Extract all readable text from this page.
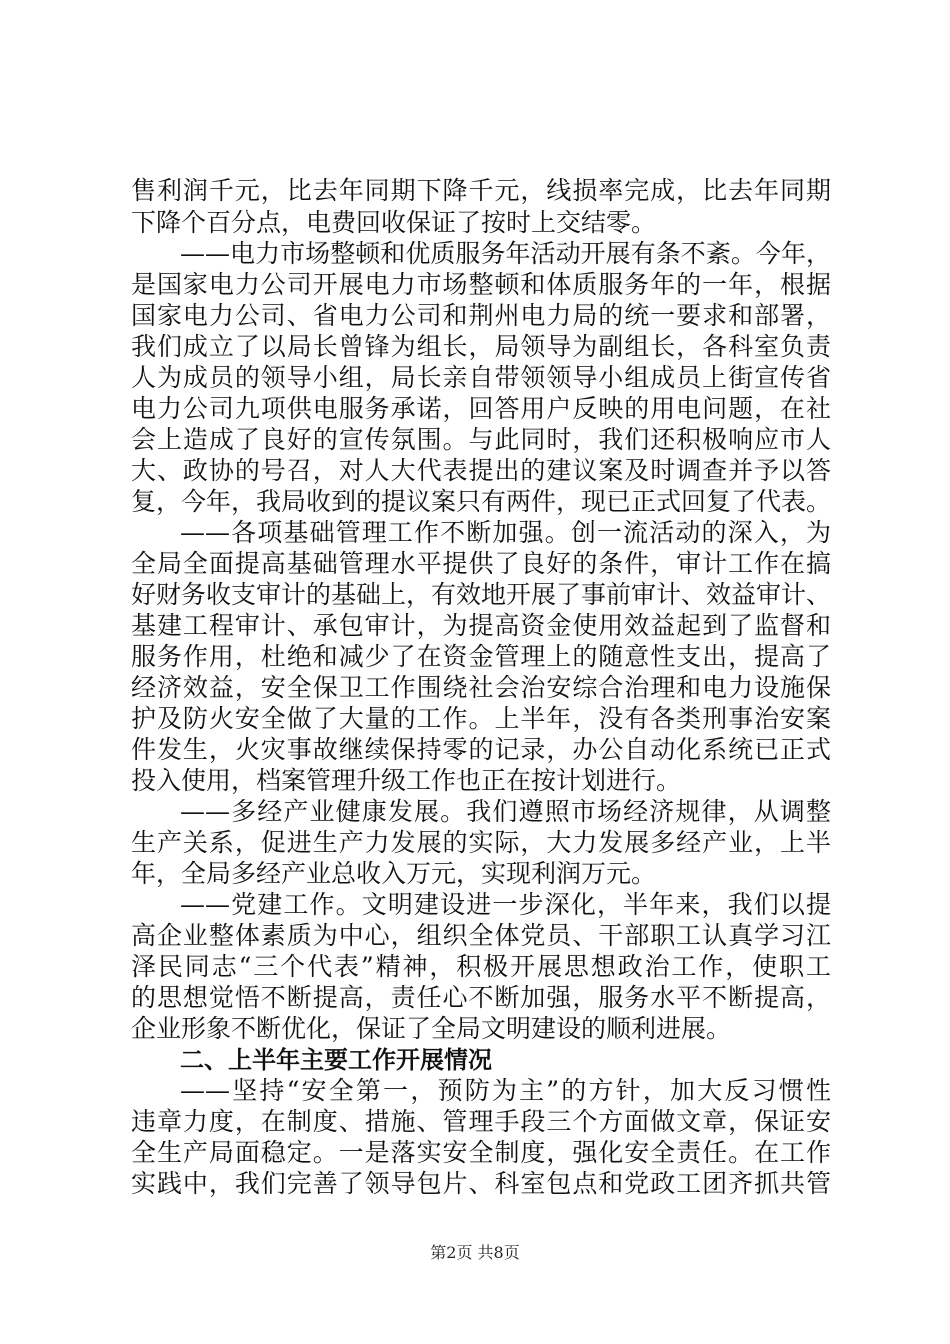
售利润千元，比去年同期下降千元，线损率完成，比去年同期
下降个百分点，电费回收保证了按时上交结零。
——电力市场整顿和优质服务年活动开展有条不紊。今年，
是国家电力公司开展电力市场整顿和体质服务年的一年，根据
国家电力公司、省电力公司和荆州电力局的统一要求和部署，
我们成立了以局长曾锋为组长，局领导为副组长，各科室负责
人为成员的领导小组，局长亲自带领领导小组成员上街宣传省
电力公司九项供电服务承诺，回答用户反映的用电问题，在社
会上造成了良好的宣传氛围。与此同时，我们还积极响应市人
大、政协的号召，对人大代表提出的建议案及时调查并予以答
复，今年，我局收到的提议案只有两件，现已正式回复了代表。
——各项基础管理工作不断加强。创一流活动的深入，为
全局全面提高基础管理水平提供了良好的条件，审计工作在搞
好财务收支审计的基础上，有效地开展了事前审计、效益审计、
基建工程审计、承包审计，为提高资金使用效益起到了监督和
服务作用，杜绝和减少了在资金管理上的随意性支出，提高了
经济效益，安全保卫工作围绕社会治安综合治理和电力设施保
护及防火安全做了大量的工作。上半年，没有各类刑事治安案
件发生，火灾事故继续保持零的记录，办公自动化系统已正式
投入使用，档案管理升级工作也正在按计划进行。
——多经产业健康发展。我们遵照市场经济规律，从调整
生产关系，促进生产力发展的实际，大力发展多经产业，上半
年，全局多经产业总收入万元，实现利润万元。
——党建工作。文明建设进一步深化，半年来，我们以提
高企业整体素质为中心，组织全体党员、干部职工认真学习江
泽民同志“三个代表”精神，积极开展思想政治工作，使职工
的思想觉悟不断提高，责任心不断加强，服务水平不断提高，
企业形象不断优化，保证了全局文明建设的顺利进展。
二、上半年主要工作开展情况
——坚持“安全第一，预防为主”的方针，加大反习惯性
违章力度，在制度、措施、管理手段三个方面做文章，保证安
全生产局面稳定。一是落实安全制度，强化安全责任。在工作
实践中，我们完善了领导包片、科室包点和党政工团齐抓共管
第2页 共8页
